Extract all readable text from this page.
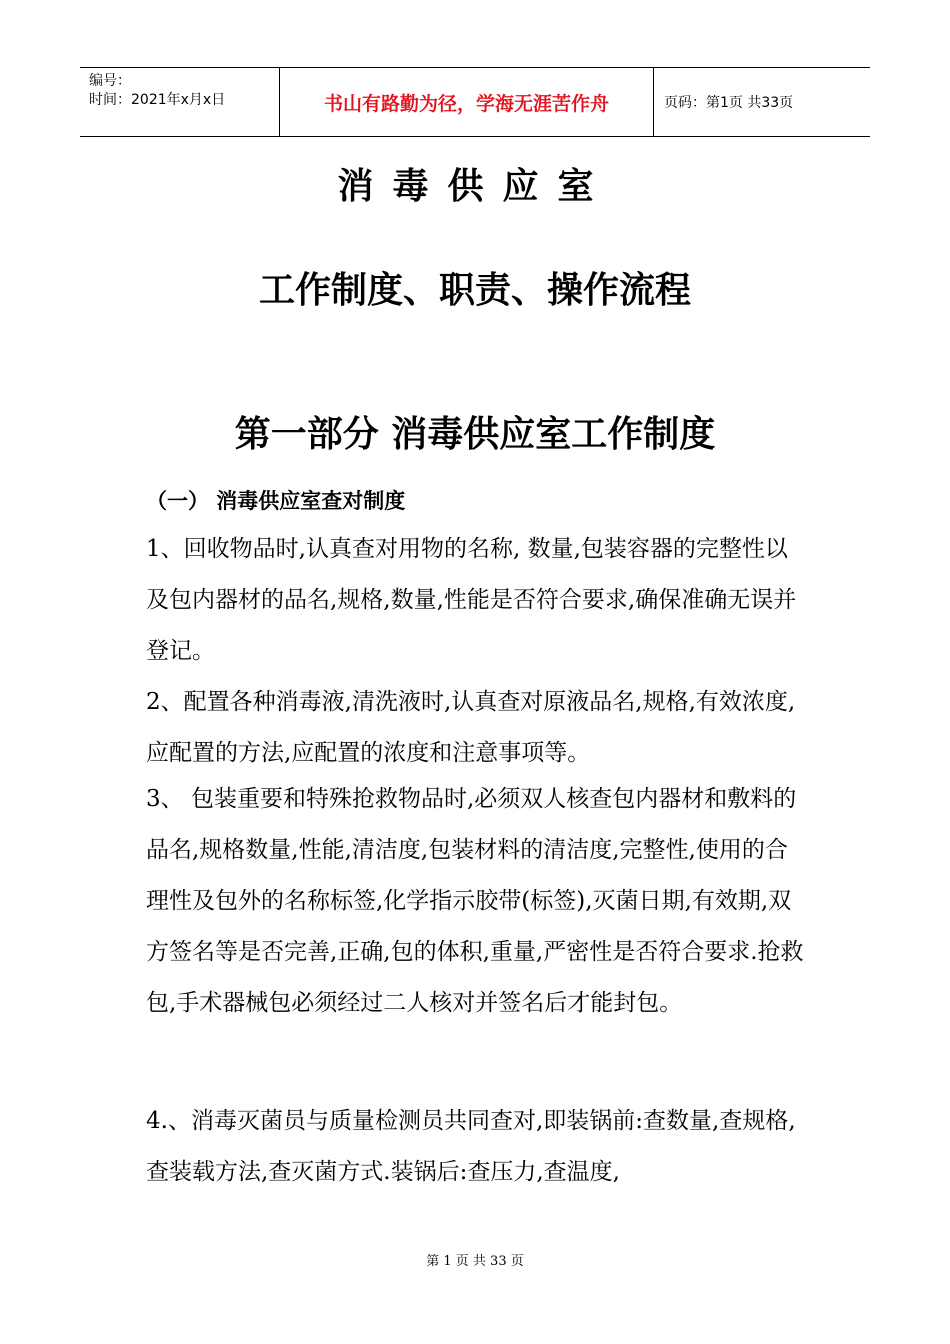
编号：
时间：2021年x月x日	书山有路勤为径，学海无涯苦作舟	页码：第1页 共33页
消毒供应室
工作制度、职责、操作流程
第一部分 消毒供应室工作制度
（一） 消毒供应室查对制度

1、回收物品时,认真查对用物的名称, 数量,包装容器的完整性以及包内器材的品名,规格,数量,性能是否符合要求,确保准确无误并登记。

2、配置各种消毒液,清洗液时,认真查对原液品名,规格,有效浓度,应配置的方法,应配置的浓度和注意事项等。

3、 包装重要和特殊抢救物品时,必须双人核查包内器材和敷料的品名,规格数量,性能,清洁度,包装材料的清洁度,完整性,使用的合理性及包外的名称标签,化学指示胶带(标签),灭菌日期,有效期,双方签名等是否完善,正确,包的体积,重量,严密性是否符合要求.抢救包,手术器械包必须经过二人核对并签名后才能封包。

4.、消毒灭菌员与质量检测员共同查对,即装锅前:查数量,查规格,查装载方法,查灭菌方式.装锅后:查压力,查温度,

第 1 页 共 33 页
